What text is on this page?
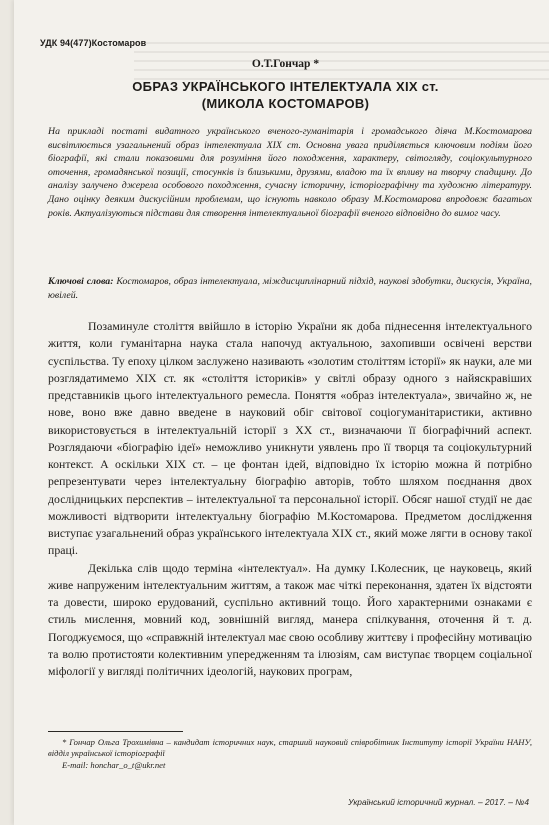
УДК 94(477)Костомаров
О.Т.Гончар *
ОБРАЗ УКРАЇНСЬКОГО ІНТЕЛЕКТУАЛА ХІХ ст.
(МИКОЛА КОСТОМАРОВ)
На прикладі постаті видатного українського вченого-гуманітарія і громадського діяча М.Костомарова висвітлюється узагальнений образ інтелектуала ХІХ ст. Основна увага приділяється ключовим подіям його біографії, які стали показовими для розуміння його походження, характеру, світогляду, соціокультурного оточення, громадянської позиції, стосунків із близькими, друзями, владою та їх впливу на творчу спадщину. До аналізу залучено джерела особового походження, сучасну історичну, історіографічну та художню літературу. Дано оцінку деяким дискусійним проблемам, що існують навколо образу М.Костомарова впродовж багатьох років. Актуалізуються підстави для створення інтелектуальної біографії вченого відповідно до вимог часу.
Ключові слова: Костомаров, образ інтелектуала, міждисциплінарний підхід, наукові здобутки, дискусія, Україна, ювілей.

Позаминуле століття ввійшло в історію України як доба піднесення інтелектуального життя, коли гуманітарна наука стала напочуд актуальною, захопивши освічені верстви суспільства. Ту епоху цілком заслужено називають «золотим століттям історії» як науки, але ми розглядатимемо ХІХ ст. як «століття істориків» у світлі образу одного з найяскравіших представників цього інтелектуального ремесла. Поняття «образ інтелектуала», звичайно ж, не нове, воно вже давно введене в науковий обіг світової соціогуманітаристики, активно використовується в інтелектуальній історії з ХХ ст., визначаючи її біографічний аспект. Розглядаючи «біографію ідеї» неможливо уникнути уявлень про її творця та соціокультурний контекст. А оскільки ХІХ ст. – це фонтан ідей, відповідно їх історію можна й потрібно репрезентувати через інтелектуальну біографію авторів, тобто шляхом поєднання двох дослідницьких перспектив – інтелектуальної та персональної історії. Обсяг нашої студії не дає можливості відтворити інтелектуальну біографію М.Костомарова. Предметом дослідження виступає узагальнений образ українського інтелектуала ХІХ ст., який може лягти в основу такої праці.

Декілька слів щодо терміна «інтелектуал». На думку І.Колесник, це науковець, який живе напруженим інтелектуальним життям, а також має чіткі переконання, здатен їх відстояти та довести, широко ерудований, суспільно активний тощо. Його характерними ознаками є стиль мислення, мовний код, зовнішній вигляд, манера спілкування, оточення й т. д. Погоджуємося, що «справжній інтелектуал має свою особливу життєву і професійну мотивацію та волю протистояти колективним упередженням та ілюзіям, сам виступає творцем соціальної міфології у вигляді політичних ідеологій, наукових програм,

* Гончар Ольга Трохимівна – кандидат історичних наук, старший науковий співробітник Інституту історії України НАНУ, відділ української історіографії

E-mail: honchar_o_t@ukr.net

Український історичний журнал. – 2017. – №4
